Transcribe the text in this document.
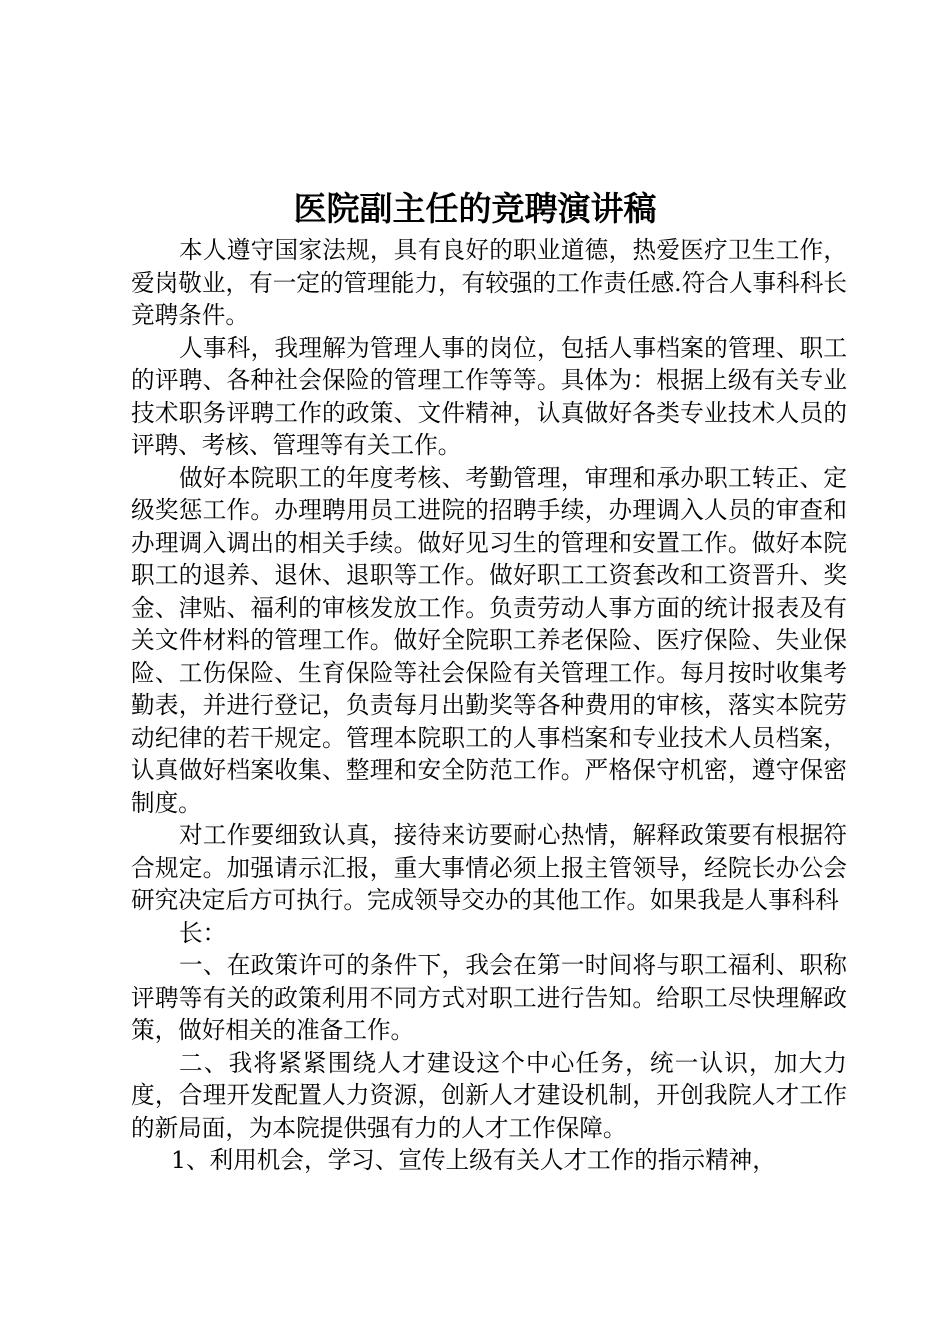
医院副主任的竞聘演讲稿

本人遵守国家法规，具有良好的职业道德，热爱医疗卫生工作，爱岗敬业，有一定的管理能力，有较强的工作责任感.符合人事科科长竞聘条件。

人事科，我理解为管理人事的岗位，包括人事档案的管理、职工的评聘、各种社会保险的管理工作等等。具体为：根据上级有关专业技术职务评聘工作的政策、文件精神，认真做好各类专业技术人员的评聘、考核、管理等有关工作。

做好本院职工的年度考核、考勤管理，审理和承办职工转正、定级奖惩工作。办理聘用员工进院的招聘手续，办理调入人员的审查和办理调入调出的相关手续。做好见习生的管理和安置工作。做好本院职工的退养、退休、退职等工作。做好职工工资套改和工资晋升、奖金、津贴、福利的审核发放工作。负责劳动人事方面的统计报表及有关文件材料的管理工作。做好全院职工养老保险、医疗保险、失业保险、工伤保险、生育保险等社会保险有关管理工作。每月按时收集考勤表，并进行登记，负责每月出勤奖等各种费用的审核，落实本院劳动纪律的若干规定。管理本院职工的人事档案和专业技术人员档案，认真做好档案收集、整理和安全防范工作。严格保守机密，遵守保密制度。

对工作要细致认真，接待来访要耐心热情，解释政策要有根据符合规定。加强请示汇报，重大事情必须上报主管领导，经院长办公会研究决定后方可执行。完成领导交办的其他工作。如果我是人事科科

长：

一、在政策许可的条件下，我会在第一时间将与职工福利、职称评聘等有关的政策利用不同方式对职工进行告知。给职工尽快理解政策，做好相关的准备工作。

二、我将紧紧围绕人才建设这个中心任务，统一认识，加大力度，合理开发配置人力资源，创新人才建设机制，开创我院人才工作的新局面，为本院提供强有力的人才工作保障。

1、利用机会，学习、宣传上级有关人才工作的指示精神，
